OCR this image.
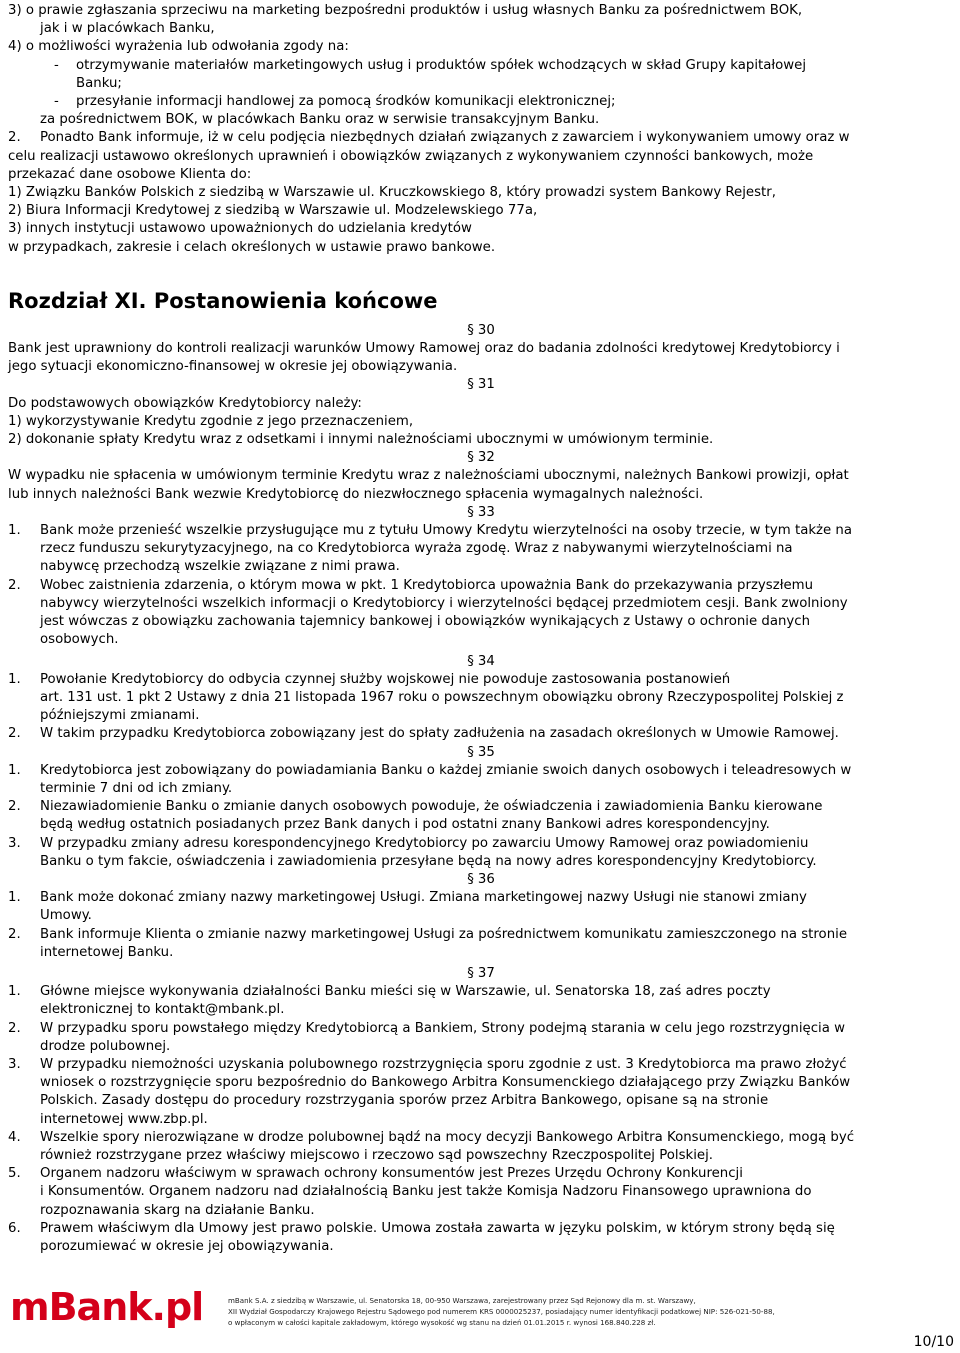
3) o prawie zgłaszania sprzeciwu na marketing bezpośredni produktów i usług własnych Banku za pośrednictwem BOK,
jak i w placówkach Banku,
4) o możliwości wyrażenia lub odwołania zgody na:
- otrzymywanie materiałów marketingowych usług i produktów spółek wchodzących w skład Grupy kapitałowej
Banku;
- przesyłanie informacji handlowej za pomocą środków komunikacji elektronicznej;
za pośrednictwem BOK, w placówkach Banku oraz w serwisie transakcyjnym Banku.
2. Ponadto Bank informuje, iż w celu podjęcia niezbędnych działań związanych z zawarciem i wykonywaniem umowy oraz w
celu realizacji ustawowo określonych uprawnień i obowiązków związanych z wykonywaniem czynności bankowych, może
przekazać dane osobowe Klienta do:
1) Związku Banków Polskich z siedzibą w Warszawie ul. Kruczkowskiego 8, który prowadzi system Bankowy Rejestr,
2) Biura Informacji Kredytowej z siedzibą w Warszawie ul. Modzelewskiego 77a,
3) innych instytucji ustawowo upoważnionych do udzielania kredytów
w przypadkach, zakresie i celach określonych w ustawie prawo bankowe.
Rozdział XI. Postanowienia końcowe
§ 30
Bank jest uprawniony do kontroli realizacji warunków Umowy Ramowej oraz do badania zdolności kredytowej Kredytobiorcy i
jego sytuacji ekonomiczno-finansowej w okresie jej obowiązywania.
§ 31
Do podstawowych obowiązków Kredytobiorcy należy:
1) wykorzystywanie Kredytu zgodnie z jego przeznaczeniem,
2) dokonanie spłaty Kredytu wraz z odsetkami i innymi należnościami ubocznymi w umówionym terminie.
§ 32
W wypadku nie spłacenia w umówionym terminie Kredytu wraz z należnościami ubocznymi, należnych Bankowi prowizji, opłat
lub innych należności Bank wezwie Kredytobiorcę do niezwłocznego spłacenia wymagalnych należności.
§ 33
1. Bank może przenieść wszelkie przysługujące mu z tytułu Umowy Kredytu wierzytelności na osoby trzecie, w tym także na
rzecz funduszu sekurytyzacyjnego, na co Kredytobiorca wyraża zgodę. Wraz z nabywanymi wierzytelnościami na
nabywcę przechodzą wszelkie związane z nimi prawa.
2. Wobec zaistnienia zdarzenia, o którym mowa w pkt. 1 Kredytobiorca upoważnia Bank do przekazywania przyszłemu
nabywcy wierzytelności wszelkich informacji o Kredytobiorcy i wierzytelności będącej przedmiotem cesji. Bank zwolniony
jest wówczas z obowiązku zachowania tajemnicy bankowej i obowiązków wynikających z Ustawy o ochronie danych
osobowych.
§ 34
1. Powołanie Kredytobiorcy do odbycia czynnej służby wojskowej nie powoduje zastosowania postanowień
art. 131 ust. 1 pkt 2 Ustawy z dnia 21 listopada 1967 roku o powszechnym obowiązku obrony Rzeczypospolitej Polskiej z
późniejszymi zmianami.
2. W takim przypadku Kredytobiorca zobowiązany jest do spłaty zadłużenia na zasadach określonych w Umowie Ramowej.
§ 35
1. Kredytobiorca jest zobowiązany do powiadamiania Banku o każdej zmianie swoich danych osobowych i teleadresowych w
terminie 7 dni od ich zmiany.
2. Niezawiadomienie Banku o zmianie danych osobowych powoduje, że oświadczenia i zawiadomienia Banku kierowane
będą według ostatnich posiadanych przez Bank danych i pod ostatni znany Bankowi adres korespondencyjny.
3. W przypadku zmiany adresu korespondencyjnego Kredytobiorcy po zawarciu Umowy Ramowej oraz powiadomieniu
Banku o tym fakcie, oświadczenia i zawiadomienia przesyłane będą na nowy adres korespondencyjny Kredytobiorcy.
§ 36
1. Bank może dokonać zmiany nazwy marketingowej Usługi. Zmiana marketingowej nazwy Usługi nie stanowi zmiany
Umowy.
2. Bank informuje Klienta o zmianie nazwy marketingowej Usługi za pośrednictwem komunikatu zamieszczonego na stronie
internetowej Banku.
§ 37
1. Główne miejsce wykonywania działalności Banku mieści się w Warszawie, ul. Senatorska 18, zaś adres poczty
elektronicznej to kontakt@mbank.pl.
2. W przypadku sporu powstałego między Kredytobiorcą a Bankiem, Strony podejmą starania w celu jego rozstrzygnięcia w
drodze polubownej.
3. W przypadku niemożności uzyskania polubownego rozstrzygnięcia sporu zgodnie z ust. 3 Kredytobiorca ma prawo złożyć
wniosek o rozstrzygnięcie sporu bezpośrednio do Bankowego Arbitra Konsumenckiego działającego przy Związku Banków
Polskich. Zasady dostępu do procedury rozstrzygania sporów przez Arbitra Bankowego, opisane są na stronie
internetowej www.zbp.pl.
4. Wszelkie spory nierozwiązane w drodze polubownej bądź na mocy decyzji Bankowego Arbitra Konsumenckiego, mogą być
również rozstrzygane przez właściwy miejscowo i rzeczowo sąd powszechny Rzeczpospolitej Polskiej.
5. Organem nadzoru właściwym w sprawach ochrony konsumentów jest Prezes Urzędu Ochrony Konkurencji
i Konsumentów. Organem nadzoru nad działalnością Banku jest także Komisja Nadzoru Finansowego uprawniona do
rozpoznawania skarg na działanie Banku.
6. Prawem właściwym dla Umowy jest prawo polskie. Umowa została zawarta w języku polskim, w którym strony będą się
porozumiewać w okresie jej obowiązywania.
mBank.pl	mBank S.A. z siedzibą w Warszawie, ul. Senatorska 18, 00-950 Warszawa, zarejestrowany przez Sąd Rejonowy dla m. st. Warszawy,
XII Wydział Gospodarczy Krajowego Rejestru Sądowego pod numerem KRS 0000025237, posiadający numer identyfikacji podatkowej NIP: 526-021-50-88,
o wpłaconym w całości kapitale zakładowym, którego wysokość wg stanu na dzień 01.01.2015 r. wynosi 168.840.228 zł.
10/10
